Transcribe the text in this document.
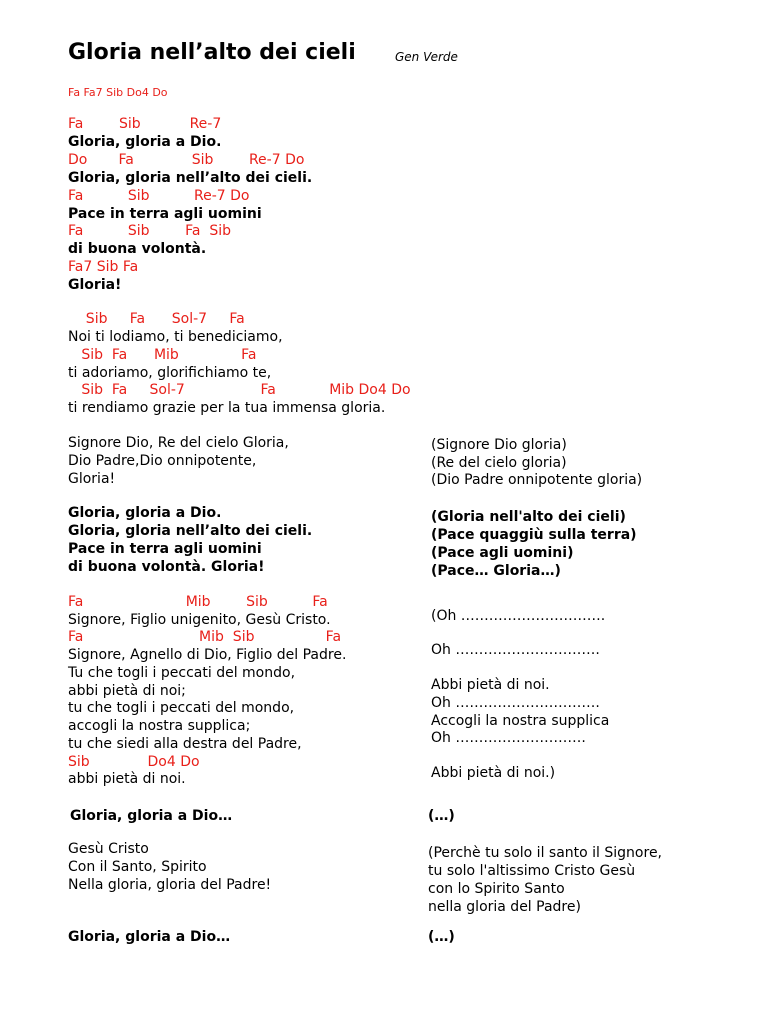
Gloria nell’alto dei cieli	Gen Verde
Fa Fa7 Sib Do4 Do
Fa        Sib           Re-7
Gloria, gloria a Dio.
Do       Fa             Sib        Re-7 Do
Gloria, gloria nell’alto dei cieli.
Fa          Sib          Re-7 Do
Pace in terra agli uomini
Fa          Sib        Fa  Sib
di buona volontà.
Fa7 Sib Fa
Gloria!
Sib     Fa      Sol-7     Fa
Noi ti lodiamo, ti benediciamo,
Sib  Fa      Mib              Fa
ti adoriamo, glorifichiamo te,
Sib  Fa     Sol-7                 Fa            Mib Do4 Do
ti rendiamo grazie per la tua immensa gloria.
Signore Dio, Re del cielo Gloria,
Dio Padre,Dio onnipotente,
Gloria!
(Signore Dio gloria)
(Re del cielo gloria)
(Dio Padre onnipotente gloria)
Gloria, gloria a Dio.
Gloria, gloria nell’alto dei cieli.
Pace in terra agli uomini
di buona volontà. Gloria!
(Gloria nell'alto dei cieli)
(Pace quaggiù sulla terra)
(Pace agli uomini)
(Pace… Gloria…)
Fa                       Mib        Sib          Fa
Signore, Figlio unigenito, Gesù Cristo.
Fa                          Mib  Sib                Fa
Signore, Agnello di Dio, Figlio del Padre.
Tu che togli i peccati del mondo,
abbi pietà di noi;
tu che togli i peccati del mondo,
accogli la nostra supplica;
tu che siedi alla destra del Padre,
Sib             Do4 Do
abbi pietà di noi.
(Oh ………………………….
Oh ………………………….
Abbi pietà di noi.
Oh ………………………….
Accogli la nostra supplica
Oh ……………………….
Abbi pietà di noi.)
Gloria, gloria a Dio…	(…)
Gesù Cristo
Con il Santo, Spirito
Nella gloria, gloria del Padre!
(Perchè tu solo il santo il Signore,
tu solo l'altissimo Cristo Gesù
con lo Spirito Santo
nella gloria del Padre)
Gloria, gloria a Dio…	(…)
